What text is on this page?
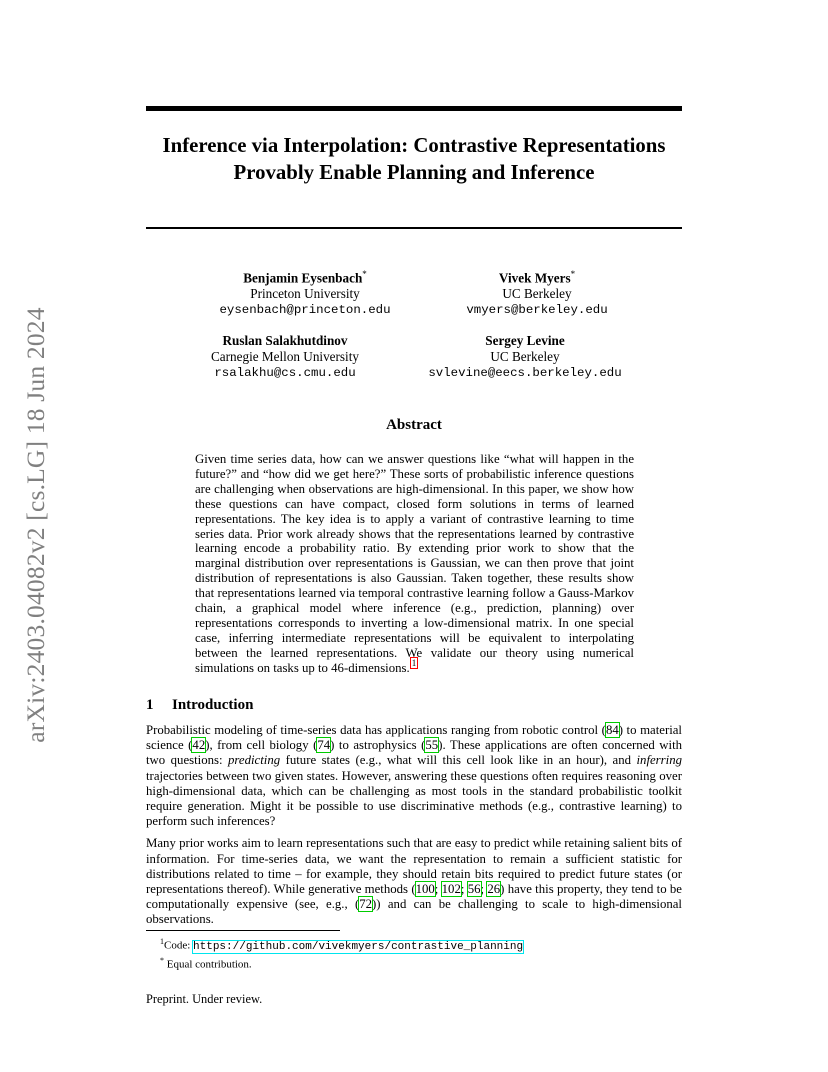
arXiv:2403.04082v2 [cs.LG] 18 Jun 2024
Inference via Interpolation: Contrastive Representations Provably Enable Planning and Inference
Benjamin Eysenbach*
Princeton University
eysenbach@princeton.edu
Vivek Myers*
UC Berkeley
vmyers@berkeley.edu
Ruslan Salakhutdinov
Carnegie Mellon University
rsalakhu@cs.cmu.edu
Sergey Levine
UC Berkeley
svlevine@eecs.berkeley.edu
Abstract

Given time series data, how can we answer questions like “what will happen in the future?” and “how did we get here?” These sorts of probabilistic inference questions are challenging when observations are high-dimensional. In this paper, we show how these questions can have compact, closed form solutions in terms of learned representations. The key idea is to apply a variant of contrastive learning to time series data. Prior work already shows that the representations learned by contrastive learning encode a probability ratio. By extending prior work to show that the marginal distribution over representations is Gaussian, we can then prove that joint distribution of representations is also Gaussian. Taken together, these results show that representations learned via temporal contrastive learning follow a Gauss-Markov chain, a graphical model where inference (e.g., prediction, planning) over representations corresponds to inverting a low-dimensional matrix. In one special case, inferring intermediate representations will be equivalent to interpolating between the learned representations. We validate our theory using numerical simulations on tasks up to 46-dimensions. $^1$

1 Introduction

Probabilistic modeling of time-series data has applications ranging from robotic control (84) to material science (42), from cell biology (74) to astrophysics (55). These applications are often concerned with two questions: predicting future states (e.g., what will this cell look like in an hour), and inferring trajectories between two given states. However, answering these questions often requires reasoning over high-dimensional data, which can be challenging as most tools in the standard probabilistic toolkit require generation. Might it be possible to use discriminative methods (e.g., contrastive learning) to perform such inferences?

Many prior works aim to learn representations such that are easy to predict while retaining salient bits of information. For time-series data, we want the representation to remain a sufficient statistic for distributions related to time – for example, they should retain bits required to predict future states (or representations thereof). While generative methods (100; 102; 56; 26) have this property, they tend to be computationally expensive (see, e.g., (72)) and can be challenging to scale to high-dimensional observations.

$^1$Code: https://github.com/vivekmyers/contrastive_planning
* Equal contribution.
Preprint. Under review.
